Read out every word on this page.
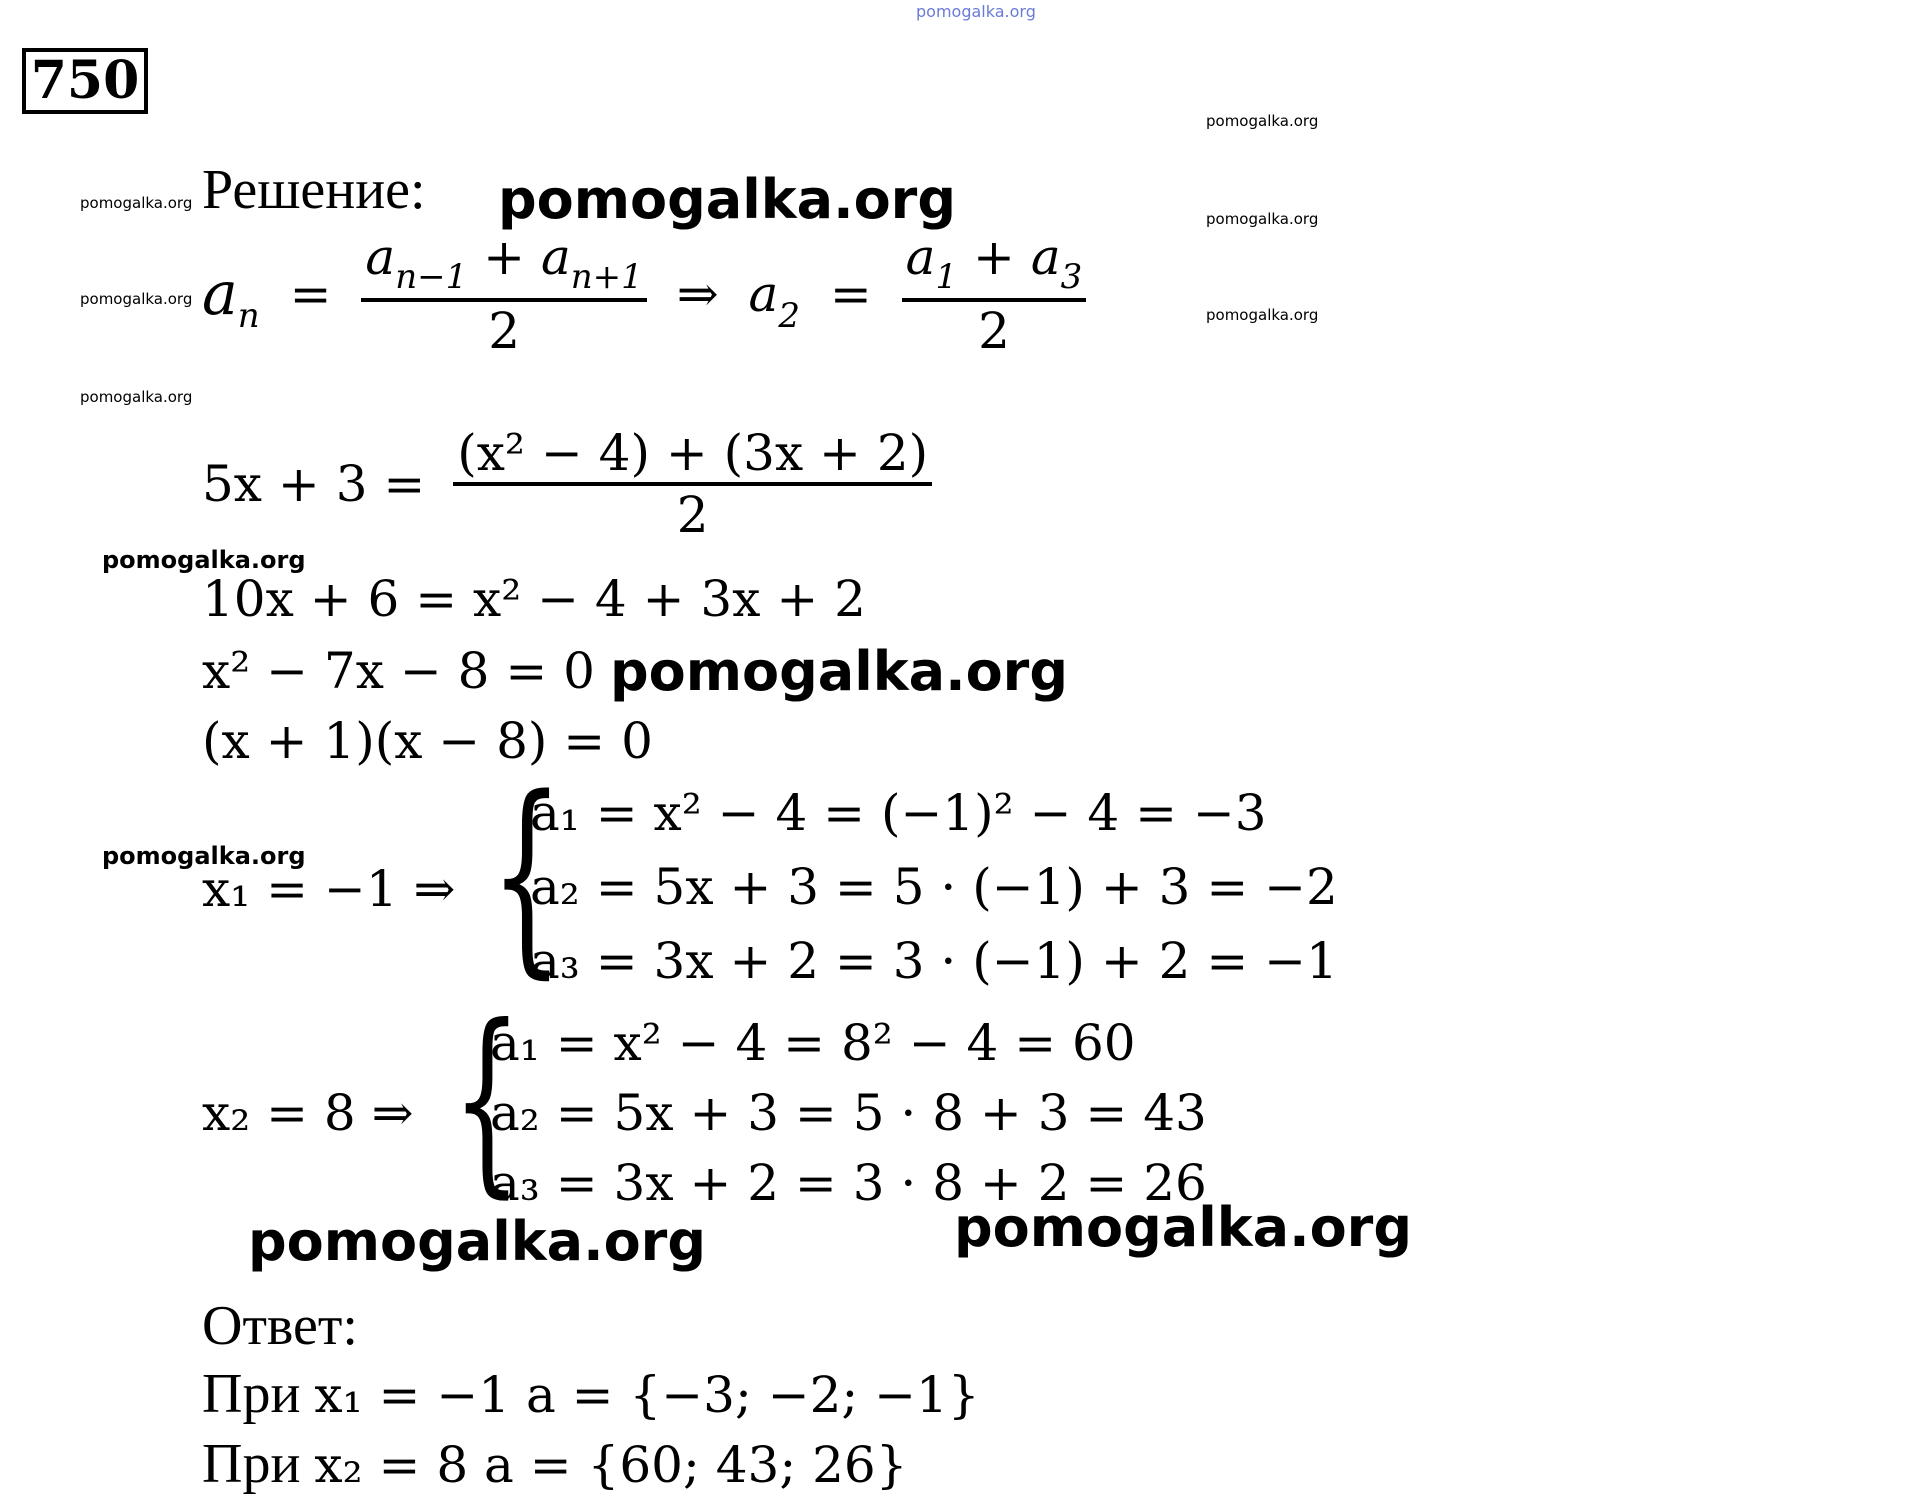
pomogalka.org
750
pomogalka.org
pomogalka.org
pomogalka.org
pomogalka.org
pomogalka.org
pomogalka.org
Решение: pomogalka.org
$a_n = \frac{a_{n-1} + a_{n+1}}{2}$ ⇒ $a_2 = \frac{a_1 + a_3}{2}$
$5x + 3 = \frac{\text{(x² − 4) + (3x + 2)}}{2}$
pomogalka.org
10x + 6 = x² − 4 + 3x + 2
x² − 7x − 8 = 0 pomogalka.org
(x + 1)(x − 8) = 0
pomogalka.org
x₁ = −1 ⇒ {
a₁ = x² − 4 = (−1)² − 4 = −3
a₂ = 5x + 3 = 5 · (−1) + 3 = −2
a₃ = 3x + 2 = 3 · (−1) + 2 = −1
x₂ = 8 ⇒ {
a₁ = x² − 4 = 8² − 4 = 60
a₂ = 5x + 3 = 5 · 8 + 3 = 43
a₃ = 3x + 2 = 3 · 8 + 2 = 26
pomogalka.org	pomogalka.org
Ответ:
При x₁ = −1 a = {−3; −2; −1}
При x₂ = 8 a = {60; 43; 26}
